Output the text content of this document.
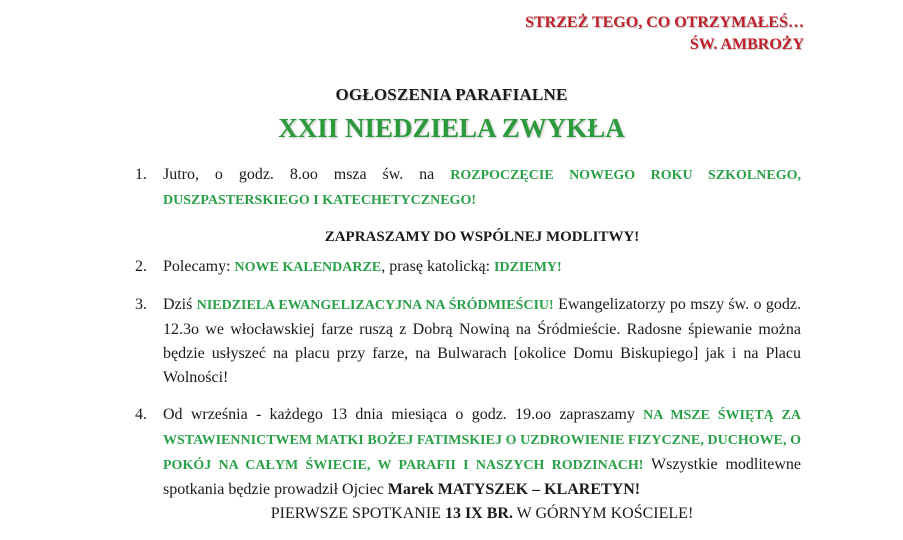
STRZEŻ TEGO, CO OTRZYMAŁEŚ…
ŚW. AMBROŻY
OGŁOSZENIA PARAFIALNE
XXII NIEDZIELA ZWYKŁA
1. Jutro, o godz. 8.oo msza św. na ROZPOCZĘCIE NOWEGO ROKU SZKOLNEGO, DUSZPASTERSKIEGO I KATECHETYCZNEGO!
ZAPRASZAMY DO WSPÓLNEJ MODLITWY!
2. Polecamy: NOWE KALENDARZE, prasę katolicką: IDZIEMY!
3. Dziś NIEDZIELA EWANGELIZACYJNA NA ŚRÓDMIEŚCIU! Ewangelizatorzy po mszy św. o godz. 12.3o we włocławskiej farze ruszą z Dobrą Nowiną na Śródmieście. Radosne śpiewanie można będzie usłyszeć na placu przy farze, na Bulwarach [okolice Domu Biskupiego] jak i na Placu Wolności!
4. Od września - każdego 13 dnia miesiąca o godz. 19.oo zapraszamy NA MSZE ŚWIĘTĄ ZA WSTAWIENNICTWEM MATKI BOŻEJ FATIMSKIEJ O UZDROWIENIE FIZYCZNE, DUCHOWE, O POKÓJ NA CAŁYM ŚWIECIE, W PARAFII I NASZYCH RODZINACH! Wszystkie modlitewne spotkania będzie prowadził Ojciec Marek MATYSZEK – KLARETYN!
PIERWSZE SPOTKANIE 13 IX BR. W GÓRNYM KOŚCIELE!
